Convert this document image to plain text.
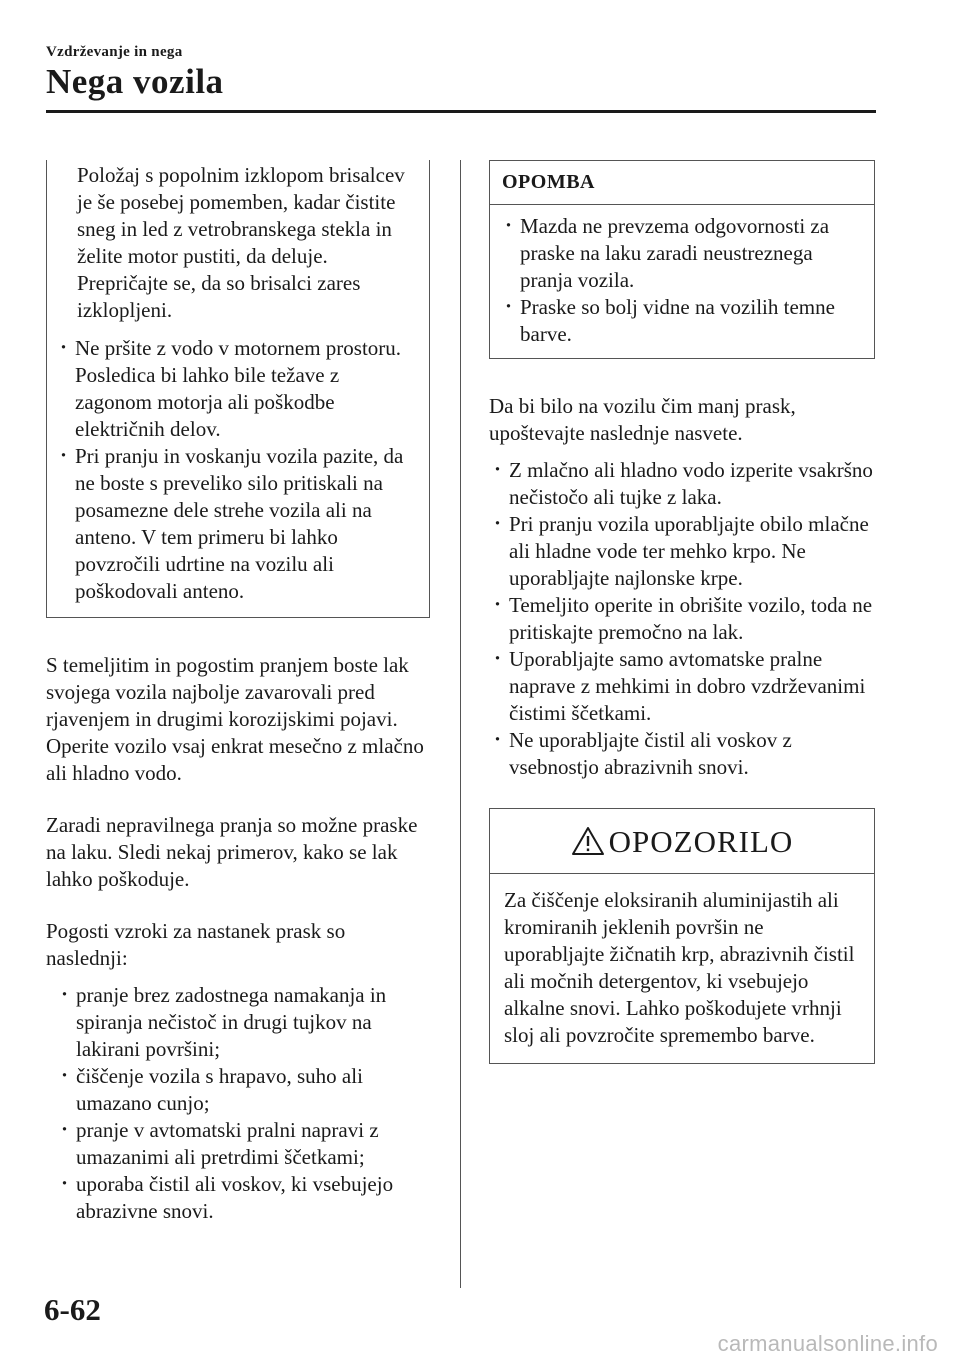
Vzdrževanje in nega
Nega vozila

Položaj s popolnim izklopom brisalcev je še posebej pomemben, kadar čistite sneg in led z vetrobranskega stekla in želite motor pustiti, da deluje. Prepričajte se, da so brisalci zares izklopljeni.

· Ne pršite z vodo v motornem prostoru. Posledica bi lahko bile težave z zagonom motorja ali poškodbe električnih delov.
· Pri pranju in voskanju vozila pazite, da ne boste s preveliko silo pritiskali na posamezne dele strehe vozila ali na anteno. V tem primeru bi lahko povzročili udrtine na vozilu ali poškodovali anteno.

S temeljitim in pogostim pranjem boste lak svojega vozila najbolje zavarovali pred rjavenjem in drugimi korozijskimi pojavi. Operite vozilo vsaj enkrat mesečno z mlačno ali hladno vodo.

Zaradi nepravilnega pranja so možne praske na laku. Sledi nekaj primerov, kako se lak lahko poškoduje.

Pogosti vzroki za nastanek prask so naslednji:

· pranje brez zadostnega namakanja in spiranja nečistoč in drugi tujkov na lakirani površini;
· čiščenje vozila s hrapavo, suho ali umazano cunjo;
· pranje v avtomatski pralni napravi z umazanimi ali pretrdimi ščetkami;
· uporaba čistil ali voskov, ki vsebujejo abrazivne snovi.
OPOMBA
· Mazda ne prevzema odgovornosti za praske na laku zaradi neustreznega pranja vozila.
· Praske so bolj vidne na vozilih temne barve.

Da bi bilo na vozilu čim manj prask, upoštevajte naslednje nasvete.

· Z mlačno ali hladno vodo izperite vsakršno nečistočo ali tujke z laka.
· Pri pranju vozila uporabljajte obilo mlačne ali hladne vode ter mehko krpo. Ne uporabljajte najlonske krpe.
· Temeljito operite in obrišite vozilo, toda ne pritiskajte premočno na lak.
· Uporabljajte samo avtomatske pralne naprave z mehkimi in dobro vzdrževanimi čistimi ščetkami.
· Ne uporabljajte čistil ali voskov z vsebnostjo abrazivnih snovi.
OPOZORILO

Za čiščenje eloksiranih aluminijastih ali kromiranih jeklenih površin ne uporabljajte žičnatih krp, abrazivnih čistil ali močnih detergentov, ki vsebujejo alkalne snovi. Lahko poškodujete vrhnji sloj ali povzročite spremembo barve.

6-62
carmanualsonline.info
